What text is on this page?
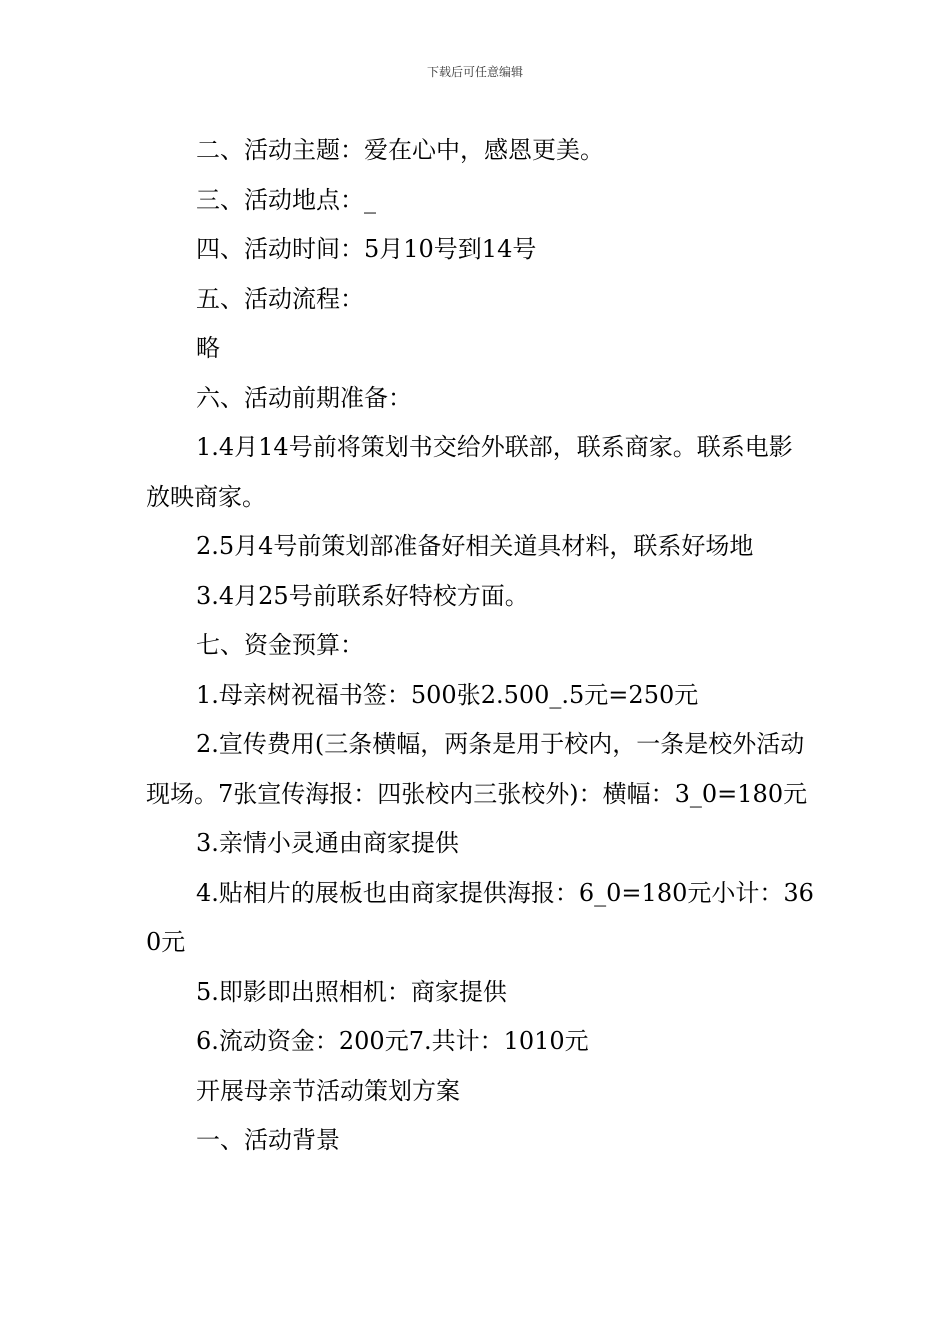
下载后可任意编辑

二、活动主题：爱在心中，感恩更美。

三、活动地点：_

四、活动时间：5月10号到14号

五、活动流程：

略

六、活动前期准备：

1.4月14号前将策划书交给外联部，联系商家。联系电影放映商家。

2.5月4号前策划部准备好相关道具材料，联系好场地

3.4月25号前联系好特校方面。

七、资金预算：

1.母亲树祝福书签：500张2.500_.5元=250元

2.宣传费用(三条横幅，两条是用于校内，一条是校外活动现场。7张宣传海报：四张校内三张校外)：横幅：3_0=180元

3.亲情小灵通由商家提供

4.贴相片的展板也由商家提供海报：6_0=180元小计：360元

5.即影即出照相机：商家提供

6.流动资金：200元7.共计：1010元

开展母亲节活动策划方案

一、活动背景
